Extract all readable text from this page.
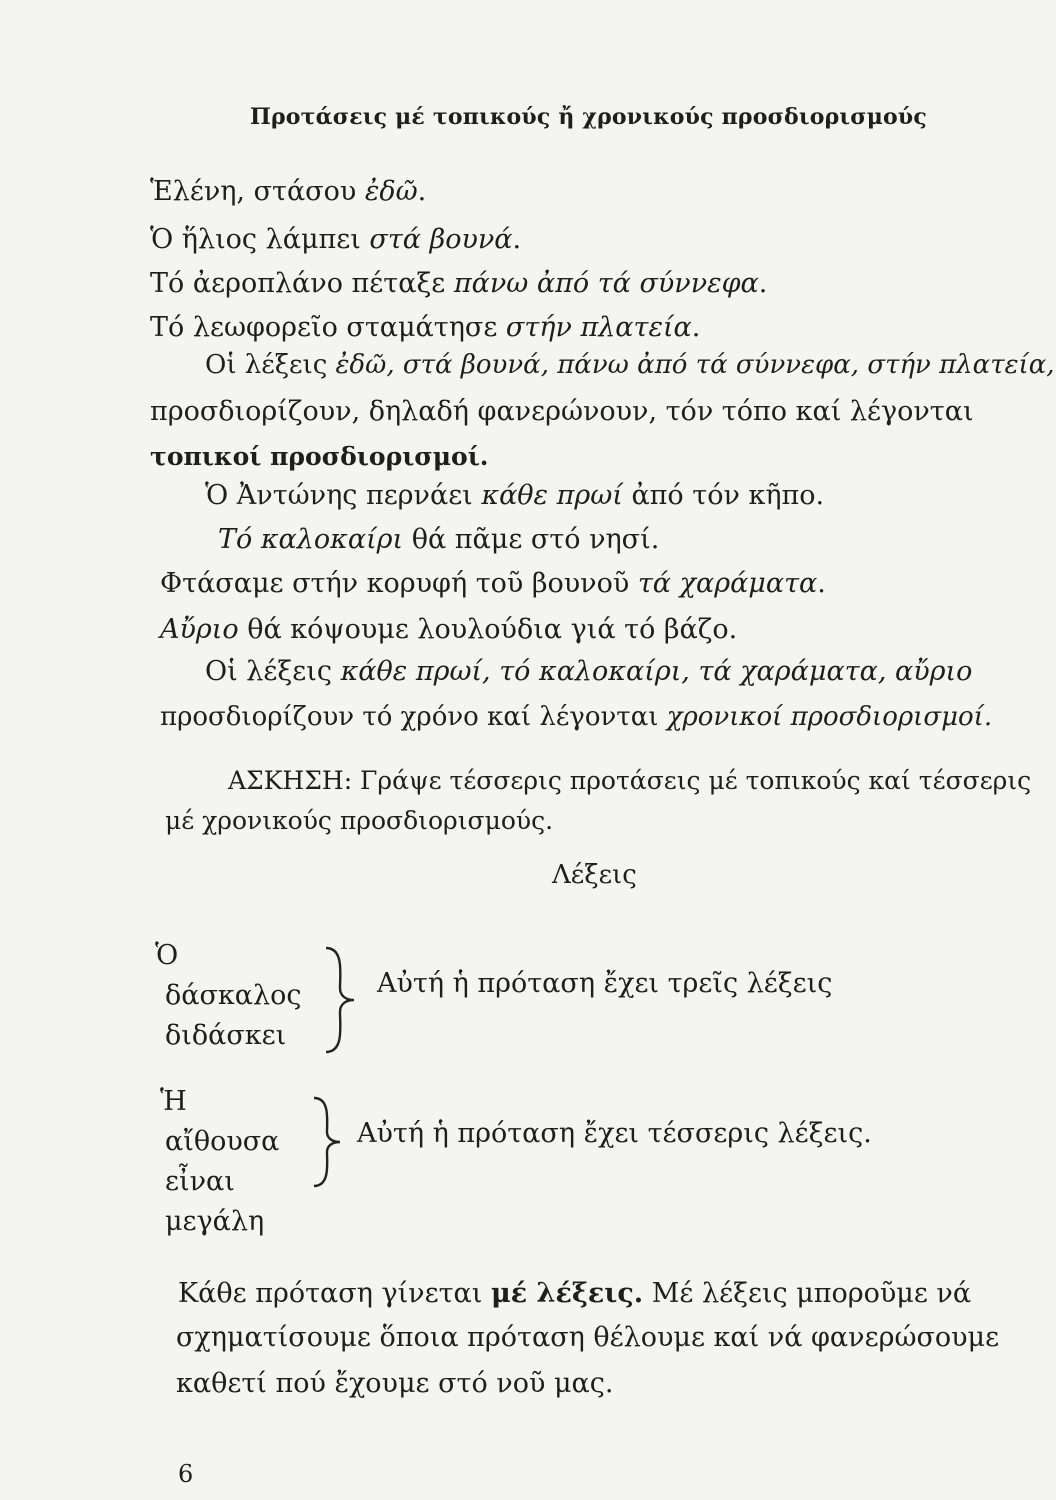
Προτάσεις μέ τοπικούς ἤ χρονικούς προσδιορισμούς
Ἑλένη, στάσου ἐδῶ.
Ὁ ἥλιος λάμπει στά βουνά.
Τό ἀεροπλάνο πέταξε πάνω ἀπό τά σύννεφα.
Τό λεωφορεῖο σταμάτησε στήν πλατεία.
Οἱ λέξεις ἐδῶ, στά βουνά, πάνω ἀπό τά σύννεφα, στήν πλατεία,
προσδιορίζουν, δηλαδή φανερώνουν, τόν τόπο καί λέγονται
τοπικοί προσδιορισμοί.
Ὁ Ἀντώνης περνάει κάθε πρωί ἀπό τόν κῆπο.
Τό καλοκαίρι θά πᾶμε στό νησί.
Φτάσαμε στήν κορυφή τοῦ βουνοῦ τά χαράματα.
Αὔριο θά κόψουμε λουλούδια γιά τό βάζο.
Οἱ λέξεις κάθε πρωί, τό καλοκαίρι, τά χαράματα, αὔριο
προσδιορίζουν τό χρόνο καί λέγονται χρονικοί προσδιορισμοί.
ΑΣΚΗΣΗ: Γράψε τέσσερις προτάσεις μέ τοπικούς καί τέσσερις
μέ χρονικούς προσδιορισμούς.
Λέξεις
Ὁ
δάσκαλος
διδάσκει
Αὐτή ἡ πρόταση ἔχει τρεῖς λέξεις
Ἡ
αἴθουσα
εἶναι
μεγάλη
Αὐτή ἡ πρόταση ἔχει τέσσερις λέξεις.
Κάθε πρόταση γίνεται μέ λέξεις. Μέ λέξεις μποροῦμε νά
σχηματίσουμε ὅποια πρόταση θέλουμε καί νά φανερώσουμε
καθετί πού ἔχουμε στό νοῦ μας.
6
